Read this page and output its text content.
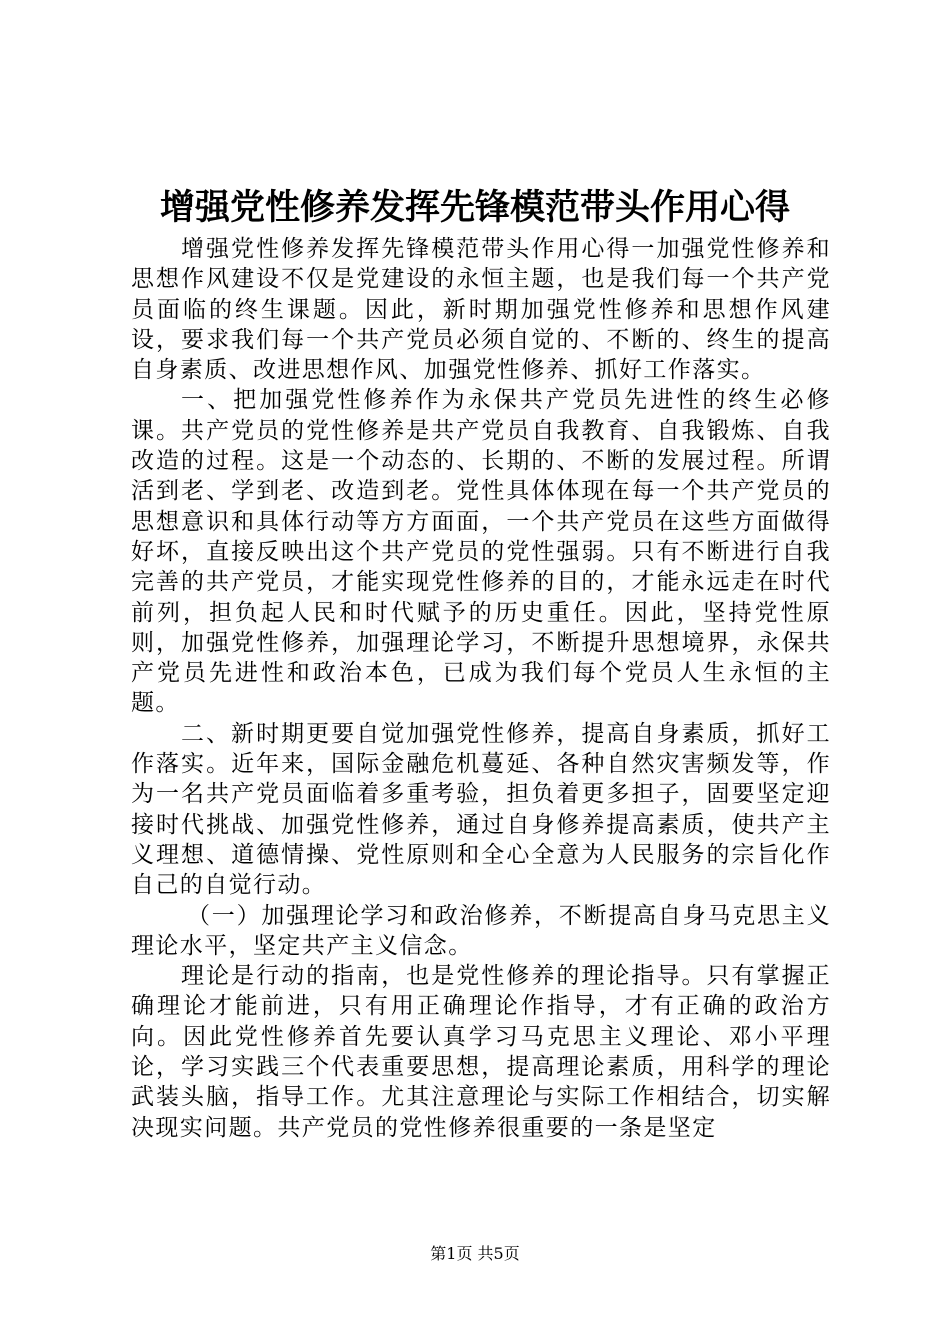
增强党性修养发挥先锋模范带头作用心得

增强党性修养发挥先锋模范带头作用心得一加强党性修养和思想作风建设不仅是党建设的永恒主题，也是我们每一个共产党员面临的终生课题。因此，新时期加强党性修养和思想作风建设，要求我们每一个共产党员必须自觉的、不断的、终生的提高自身素质、改进思想作风、加强党性修养、抓好工作落实。

一、把加强党性修养作为永保共产党员先进性的终生必修课。共产党员的党性修养是共产党员自我教育、自我锻炼、自我改造的过程。这是一个动态的、长期的、不断的发展过程。所谓活到老、学到老、改造到老。党性具体体现在每一个共产党员的思想意识和具体行动等方方面面，一个共产党员在这些方面做得好坏，直接反映出这个共产党员的党性强弱。只有不断进行自我完善的共产党员，才能实现党性修养的目的，才能永远走在时代前列，担负起人民和时代赋予的历史重任。因此，坚持党性原则，加强党性修养，加强理论学习，不断提升思想境界，永保共产党员先进性和政治本色，已成为我们每个党员人生永恒的主题。

二、新时期更要自觉加强党性修养，提高自身素质，抓好工作落实。近年来，国际金融危机蔓延、各种自然灾害频发等，作为一名共产党员面临着多重考验，担负着更多担子，固要坚定迎接时代挑战、加强党性修养，通过自身修养提高素质，使共产主义理想、道德情操、党性原则和全心全意为人民服务的宗旨化作自己的自觉行动。

（一）加强理论学习和政治修养，不断提高自身马克思主义理论水平，坚定共产主义信念。

理论是行动的指南，也是党性修养的理论指导。只有掌握正确理论才能前进，只有用正确理论作指导，才有正确的政治方向。因此党性修养首先要认真学习马克思主义理论、邓小平理论，学习实践三个代表重要思想，提高理论素质，用科学的理论武装头脑，指导工作。尤其注意理论与实际工作相结合，切实解决现实问题。共产党员的党性修养很重要的一条是坚定

第1页 共5页
